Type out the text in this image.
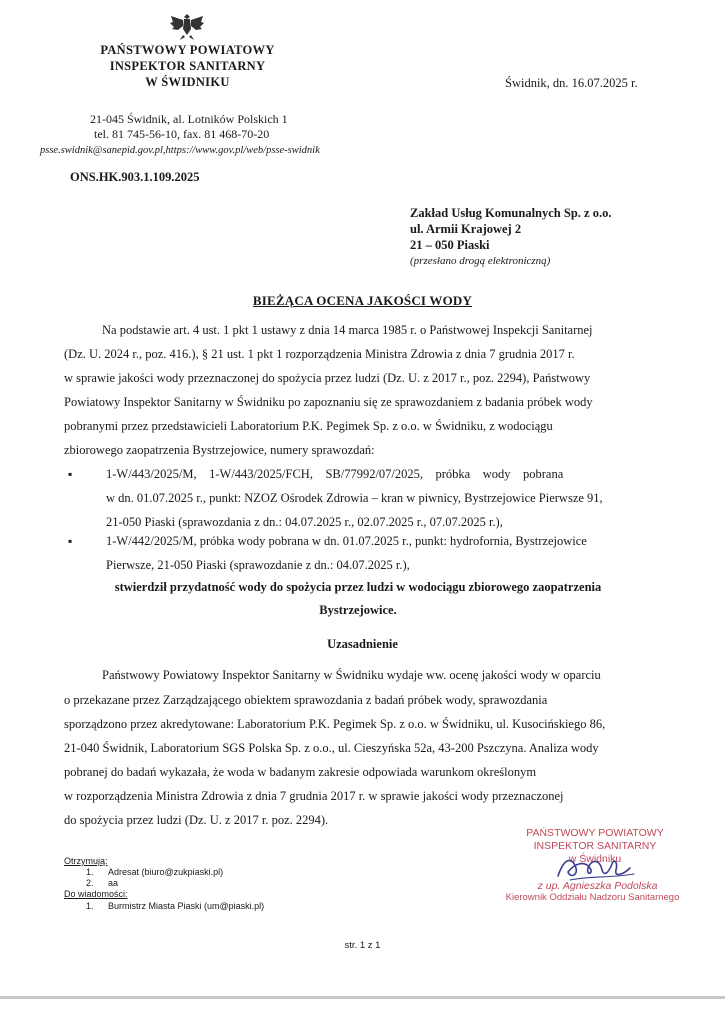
PAŃSTWOWY POWIATOWY
INSPEKTOR SANITARNY
W ŚWIDNIKU
21-045 Świdnik, al. Lotników Polskich 1
tel. 81 745-56-10, fax. 81 468-70-20
psse.swidnik@sanepid.gov.pl,https://www.gov.pl/web/psse-swidnik
Świdnik, dn. 16.07.2025 r.
ONS.HK.903.1.109.2025
Zakład Usług Komunalnych Sp. z o.o.
ul. Armii Krajowej 2
21 – 050 Piaski
(przesłano drogą elektroniczną)
BIEŻĄCA OCENA JAKOŚCI WODY
Na podstawie art. 4 ust. 1 pkt 1 ustawy z dnia 14 marca 1985 r. o Państwowej Inspekcji Sanitarnej
(Dz. U. 2024 r., poz. 416.), § 21 ust. 1 pkt 1 rozporządzenia Ministra Zdrowia z dnia 7 grudnia 2017 r.
w sprawie jakości wody przeznaczonej do spożycia przez ludzi (Dz. U. z 2017 r., poz. 2294), Państwowy
Powiatowy Inspektor Sanitarny w Świdniku po zapoznaniu się ze sprawozdaniem z badania próbek wody
pobranymi przez przedstawicieli Laboratorium P.K. Pegimek Sp. z o.o. w Świdniku, z wodociągu
zbiorowego zaopatrzenia Bystrzejowice, numery sprawozdań:
▪	1-W/443/2025/M,    1-W/443/2025/FCH,    SB/77992/07/2025,    próbka    wody    pobrana
w dn. 01.07.2025 r., punkt: NZOZ Ośrodek Zdrowia – kran w piwnicy, Bystrzejowice Pierwsze 91,
21-050 Piaski (sprawozdania z dn.: 04.07.2025 r., 02.07.2025 r., 07.07.2025 r.),
▪	1-W/442/2025/M, próbka wody pobrana w dn. 01.07.2025 r., punkt: hydrofornia, Bystrzejowice
Pierwsze, 21-050 Piaski (sprawozdanie z dn.: 04.07.2025 r.),
stwierdził przydatność wody do spożycia przez ludzi w wodociągu zbiorowego zaopatrzenia
Bystrzejowice.
Uzasadnienie
Państwowy Powiatowy Inspektor Sanitarny w Świdniku wydaje ww. ocenę jakości wody w oparciu
o przekazane przez Zarządzającego obiektem sprawozdania z badań próbek wody, sprawozdania
sporządzono przez akredytowane: Laboratorium P.K. Pegimek Sp. z o.o. w Świdniku, ul. Kusocińskiego 86,
21-040 Świdnik, Laboratorium SGS Polska Sp. z o.o., ul. Cieszyńska 52a, 43-200 Pszczyna. Analiza wody
pobranej do badań wykazała, że woda w badanym zakresie odpowiada warunkom określonym
w rozporządzenia Ministra Zdrowia z dnia 7 grudnia 2017 r. w sprawie jakości wody przeznaczonej
do spożycia przez ludzi (Dz. U. z 2017 r. poz. 2294).
PAŃSTWOWY POWIATOWY
INSPEKTOR SANITARNY
w Świdniku
z up. Agnieszka Podolska
Kierownik Oddziału Nadzoru Sanitarnego
Otrzymują:
1. Adresat (biuro@zukpiaski.pl)
2. aa
Do wiadomości:
1. Burmistrz Miasta Piaski (um@piaski.pl)
str. 1 z 1
